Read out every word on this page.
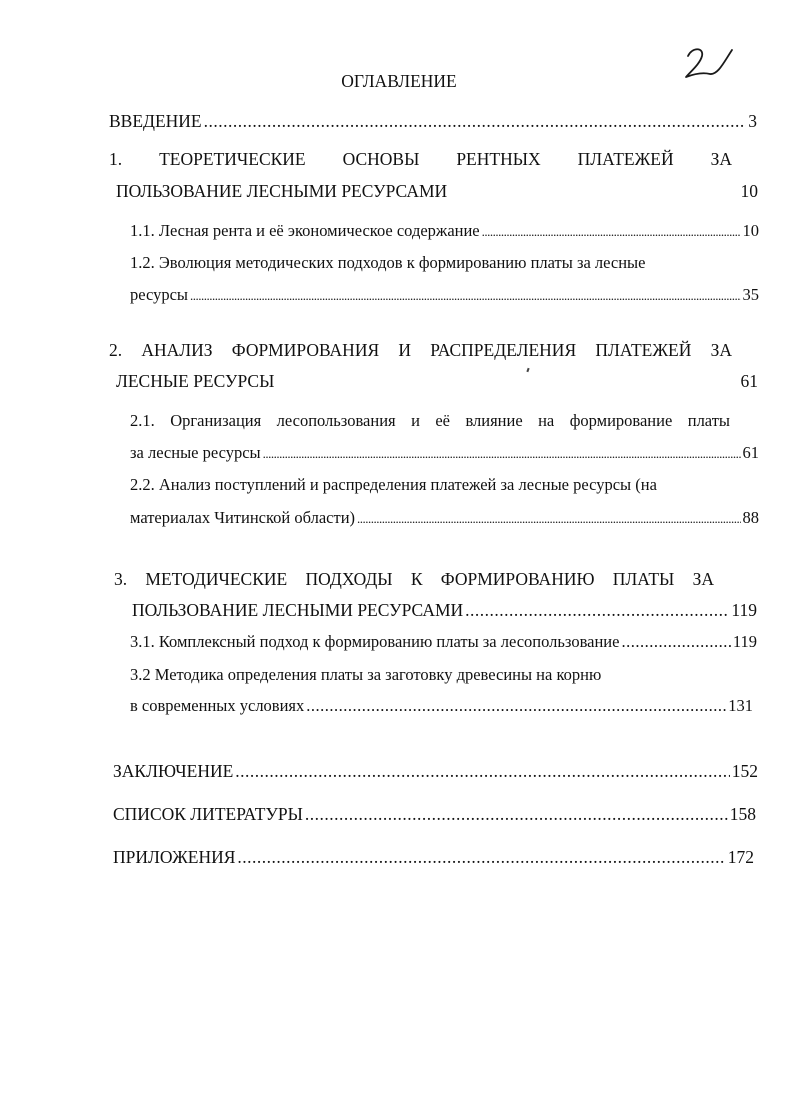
ОГЛАВЛЕНИЕ
ВВЕДЕНИЕ .....	3
1. ТЕОРЕТИЧЕСКИЕ ОСНОВЫ РЕНТНЫХ ПЛАТЕЖЕЙ ЗА
ПОЛЬЗОВАНИЕ ЛЕСНЫМИ РЕСУРСАМИ	10
1.1. Лесная рента и её экономическое содержание .....	10
1.2. Эволюция методических подходов к формированию платы за лесные
ресурсы .....	35
2. АНАЛИЗ ФОРМИРОВАНИЯ И РАСПРЕДЕЛЕНИЯ ПЛАТЕЖЕЙ ЗА
ЛЕСНЫЕ РЕСУРСЫ	61
2.1. Организация лесопользования и её влияние на формирование платы
за лесные ресурсы .....	61
2.2. Анализ поступлений и распределения платежей за лесные ресурсы (на
материалах Читинской области) .....	88
3. МЕТОДИЧЕСКИЕ ПОДХОДЫ К ФОРМИРОВАНИЮ ПЛАТЫ ЗА
ПОЛЬЗОВАНИЕ ЛЕСНЫМИ РЕСУРСАМИ .....	119
3.1. Комплексный подход к формированию платы за лесопользование .....	119
3.2 Методика определения платы за заготовку древесины на корню
в современных условиях .....	131
ЗАКЛЮЧЕНИЕ .....	152
СПИСОК ЛИТЕРАТУРЫ .....	158
ПРИЛОЖЕНИЯ .....	172
